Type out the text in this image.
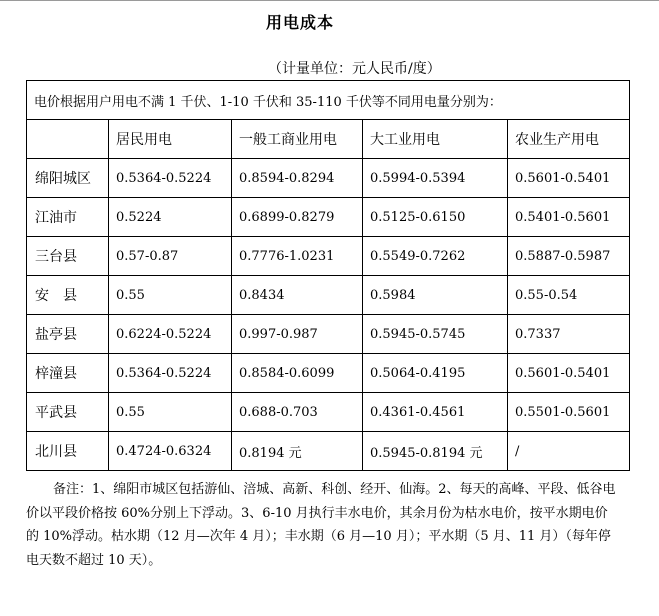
用电成本
（计量单位：元人民币/度）
电价根据用户用电不满 1 千伏、1-10 千伏和 35-110 千伏等不同用电量分别为：				
	居民用电	一般工商业用电	大工业用电	农业生产用电
绵阳城区	0.5364-0.5224	0.8594-0.8294	0.5994-0.5394	0.5601-0.5401
江油市	0.5224	0.6899-0.8279	0.5125-0.6150	0.5401-0.5601
三台县	0.57-0.87	0.7776-1.0231	0.5549-0.7262	0.5887-0.5987
安　县	0.55	0.8434	0.5984	0.55-0.54
盐亭县	0.6224-0.5224	0.997-0.987	0.5945-0.5745	0.7337
梓潼县	0.5364-0.5224	0.8584-0.6099	0.5064-0.4195	0.5601-0.5401
平武县	0.55	0.688-0.703	0.4361-0.4561	0.5501-0.5601
北川县	0.4724-0.6324	0.8194 元	0.5945-0.8194 元	/
备注：1、绵阳市城区包括游仙、涪城、高新、科创、经开、仙海。2、每天的高峰、平段、低谷电价以平段价格按 60%分别上下浮动。3、6-10 月执行丰水电价，其余月份为枯水电价，按平水期电价的 10%浮动。枯水期（12 月—次年 4 月）；丰水期（6 月—10 月）；平水期（5 月、11 月）（每年停电天数不超过 10 天）。
